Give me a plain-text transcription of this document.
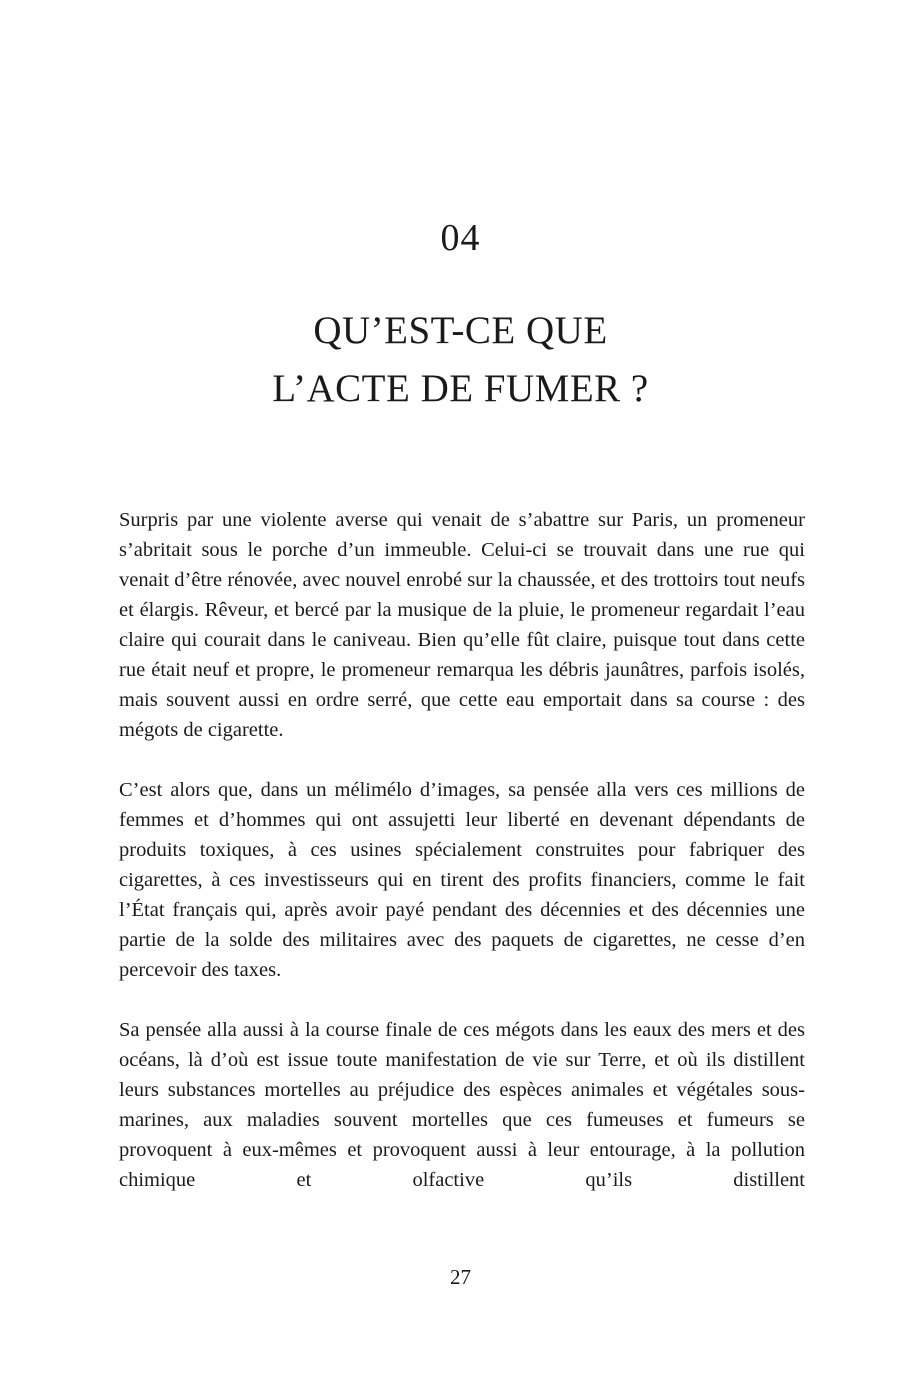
04
QU’EST-CE QUE
L’ACTE DE FUMER ?

Surpris par une violente averse qui venait de s’abattre sur Paris, un promeneur s’abritait sous le porche d’un immeuble. Celui-ci se trouvait dans une rue qui venait d’être rénovée, avec nouvel enrobé sur la chaussée, et des trottoirs tout neufs et élargis. Rêveur, et bercé par la musique de la pluie, le promeneur regardait l’eau claire qui courait dans le caniveau. Bien qu’elle fût claire, puisque tout dans cette rue était neuf et propre, le promeneur remarqua les débris jaunâtres, parfois isolés, mais souvent aussi en ordre serré, que cette eau emportait dans sa course : des mégots de cigarette.

C’est alors que, dans un mélimélo d’images, sa pensée alla vers ces millions de femmes et d’hommes qui ont assujetti leur liberté en devenant dépendants de produits toxiques, à ces usines spécialement construites pour fabriquer des cigarettes, à ces investisseurs qui en tirent des profits financiers, comme le fait l’État français qui, après avoir payé pendant des décennies et des décennies une partie de la solde des militaires avec des paquets de cigarettes, ne cesse d’en percevoir des taxes.

Sa pensée alla aussi à la course finale de ces mégots dans les eaux des mers et des océans, là d’où est issue toute manifestation de vie sur Terre, et où ils distillent leurs substances mortelles au préjudice des espèces animales et végétales sous-marines, aux maladies souvent mortelles que ces fumeuses et fumeurs se provoquent à eux-mêmes et provoquent aussi à leur entourage, à la pollution chimique et olfactive qu’ils distillent

27
